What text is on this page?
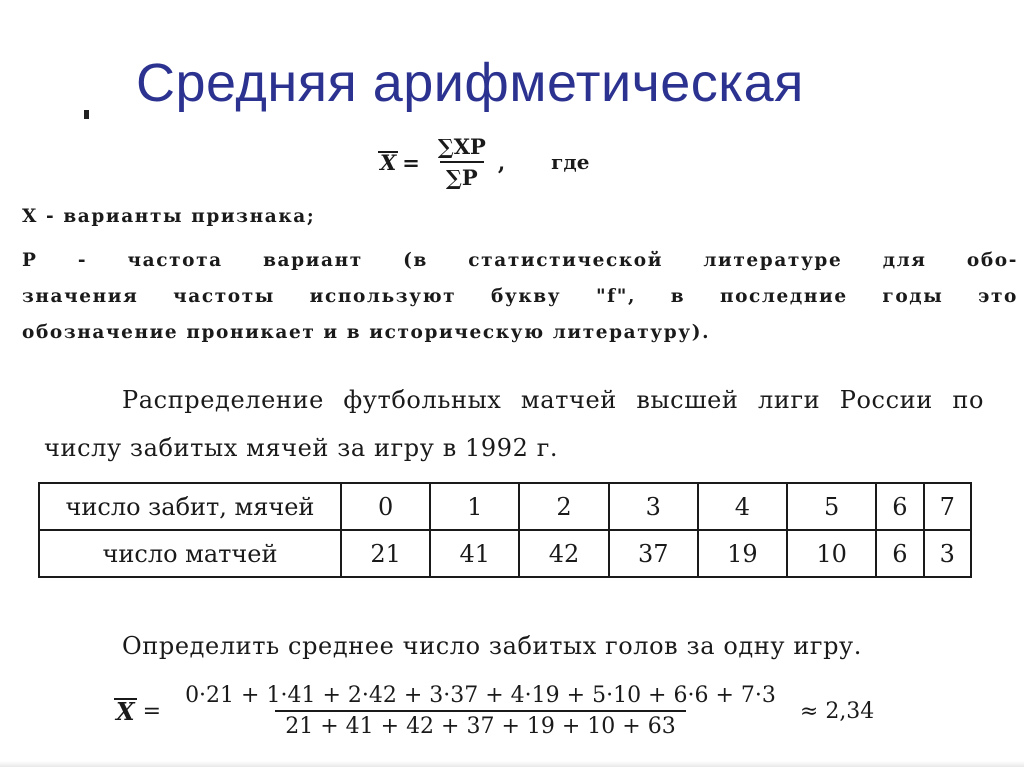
Средняя арифметическая
$X = \frac{\sum XP}{\sum P}$ , где
Х - варианты признака;
Р - частота вариант (в статистической литературе для обо-
значения частоты используют букву "f", в последние годы это
обозначение проникает и в историческую литературу).
Распределение футбольных матчей высшей лиги России по
числу забитых мячей за игру в 1992 г.
число забит, мячей	0	1	2	3	4	5	6	7
число матчей	21	41	42	37	19	10	6	3
Определить среднее число забитых голов за одну игру.
$X = \frac{0\cdot 21 + 1\cdot 41 + 2\cdot 42 + 3\cdot 37 + 4\cdot 19 + 5\cdot 10 + 6\cdot 6 + 7\cdot 3}{21 + 41 + 42 + 37 + 19 + 10 + 63} \approx 2,34$
